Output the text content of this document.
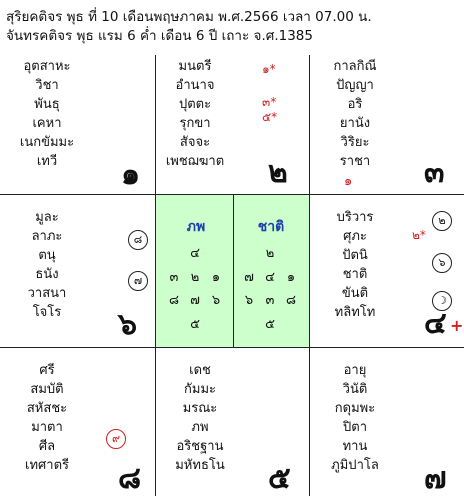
สุริยคติจร พุธ ที่ 10 เดือนพฤษภาคม พ.ศ.2566 เวลา 07.00 น.
จันทรคติจร พุธ แรม 6 ค่ำ เดือน 6 ปี เถาะ จ.ศ.1385
อุตสาหะ
วิชา
พันธุ
เคหา
เนกขัมมะ
เทวี	๑
มนตรี
อำนาจ
ปุตตะ
รุกขา
สัจจะ
เพชฌฆาต
๑*
๓*
๕*
๒
กาลกิณี
ปัญญา
อริ
ยานัง
วิริยะ
ราชา
๑ ๓
มูละ
ลาภะ
ตนุ
ธนัง
วาสนา
โจโร
๘
๗
๖
ภพ
๔
๓ ๒ ๑
๘ ๗ ๖
๕
ชาติ
๒
๗ ๔ ๑
๖ ๓ ๘
๕
บริวาร
ศุภะ
ปัตนิ
ชาติ
ขันติ
ทลิทโท
๒*
๒
๖
☽
๔ +
ศรี
สมบัติ
สหัสชะ
มาตา
ศีล
เทศาตรี
๙
๘
เดช
กัมมะ
มรณะ
ภพ
อริชฐาน
มหัทธโน	๕
อายุ
วินัติ
กดุมพะ
ปิตา
ทาน
ภูมิปาโล	๗
